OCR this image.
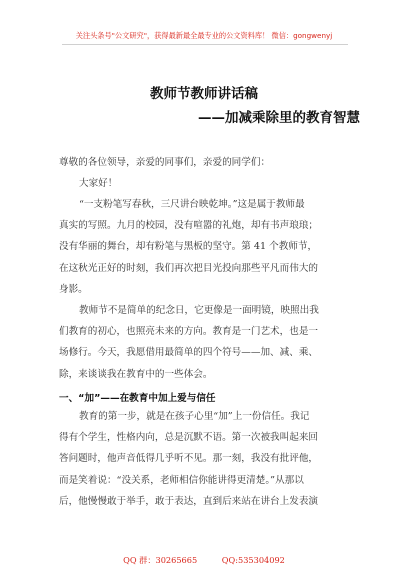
关注头条号"公文研究"，获得最新最全最专业的公文资料库！ 微信：gongwenyj
教师节教师讲话稿
——加减乘除里的教育智慧
尊敬的各位领导，亲爱的同事们，亲爱的同学们：
大家好！
“一支粉笔写春秋，三尺讲台映乾坤。”这是属于教师最
真实的写照。九月的校园，没有喧嚣的礼炮，却有书声琅琅；
没有华丽的舞台，却有粉笔与黑板的坚守。第 41 个教师节，
在这秋光正好的时刻，我们再次把目光投向那些平凡而伟大的
身影。
教师节不是简单的纪念日，它更像是一面明镜，映照出我
们教育的初心，也照亮未来的方向。教育是一门艺术，也是一
场修行。今天，我愿借用最简单的四个符号——加、减、乘、
除，来谈谈我在教育中的一些体会。
一、“加”——在教育中加上爱与信任
教育的第一步，就是在孩子心里“加”上一份信任。我记
得有个学生，性格内向，总是沉默不语。第一次被我叫起来回
答问题时，他声音低得几乎听不见。那一刻，我没有批评他，
而是笑着说：“没关系，老师相信你能讲得更清楚。”从那以
后，他慢慢敢于举手，敢于表达，直到后来站在讲台上发表演
QQ 群：30265665	QQ:535304092
